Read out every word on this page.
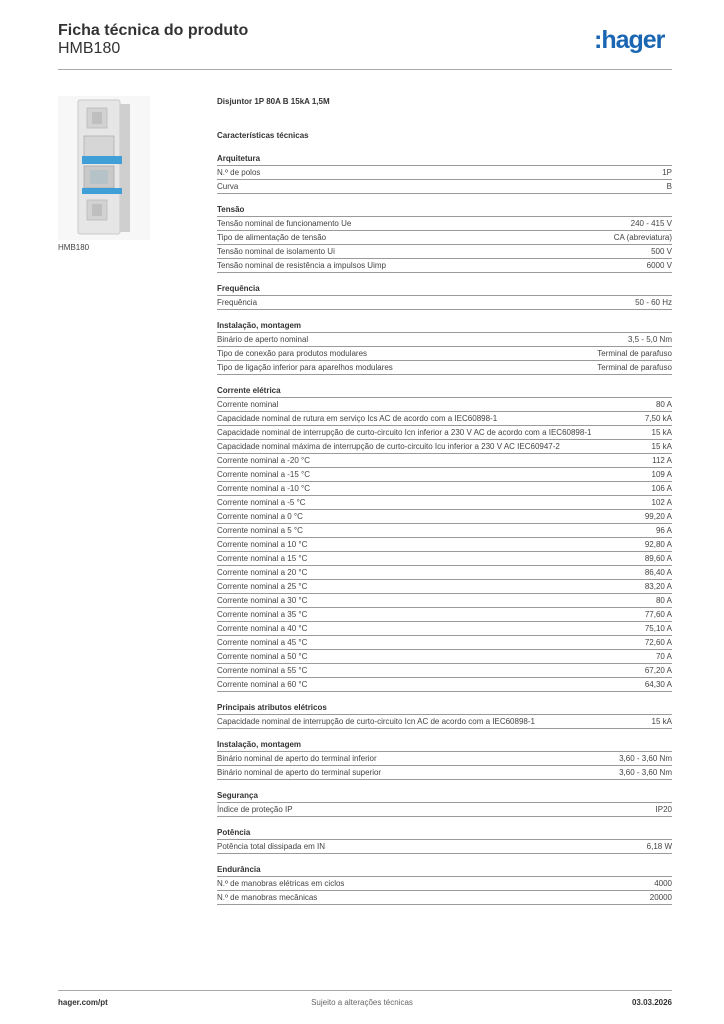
Ficha técnica do produto
HMB180	:hager
HMB180
Disjuntor 1P 80A B 15kA 1,5M
Características técnicas
Arquitetura
N.º de polos	1P
Curva	B
Tensão
Tensão nominal de funcionamento Ue	240 - 415 V
Tipo de alimentação de tensão	CA (abreviatura)
Tensão nominal de isolamento Ui	500 V
Tensão nominal de resistência a impulsos Uimp	6000 V
Frequência
Frequência	50 - 60 Hz
Instalação, montagem
Binário de aperto nominal	3,5 - 5,0 Nm
Tipo de conexão para produtos modulares	Terminal de parafuso
Tipo de ligação inferior para aparelhos modulares	Terminal de parafuso
Corrente elétrica
Corrente nominal	80 A
Capacidade nominal de rutura em serviço Ics AC de acordo com a IEC60898-1	7,50 kA
Capacidade nominal de interrupção de curto-circuito Icn inferior a 230 V AC de acordo com a IEC60898-1	15 kA
Capacidade nominal máxima de interrupção de curto-circuito Icu inferior a 230 V AC IEC60947-2	15 kA
Corrente nominal a -20 °C	112 A
Corrente nominal a -15 °C	109 A
Corrente nominal a -10 °C	106 A
Corrente nominal a -5 °C	102 A
Corrente nominal a 0 °C	99,20 A
Corrente nominal a 5 °C	96 A
Corrente nominal a 10 °C	92,80 A
Corrente nominal a 15 °C	89,60 A
Corrente nominal a 20 °C	86,40 A
Corrente nominal a 25 °C	83,20 A
Corrente nominal a 30 °C	80 A
Corrente nominal a 35 °C	77,60 A
Corrente nominal a 40 °C	75,10 A
Corrente nominal a 45 °C	72,60 A
Corrente nominal a 50 °C	70 A
Corrente nominal a 55 °C	67,20 A
Corrente nominal a 60 °C	64,30 A
Principais atributos elétricos
Capacidade nominal de interrupção de curto-circuito Icn AC de acordo com a IEC60898-1	15 kA
Instalação, montagem
Binário nominal de aperto do terminal inferior	3,60 - 3,60 Nm
Binário nominal de aperto do terminal superior	3,60 - 3,60 Nm
Segurança
Índice de proteção IP	IP20
Potência
Potência total dissipada em IN	6,18 W
Endurância
N.º de manobras elétricas em ciclos	4000
N.º de manobras mecânicas	20000
hager.com/pt	Sujeito a alterações técnicas	03.03.2026
